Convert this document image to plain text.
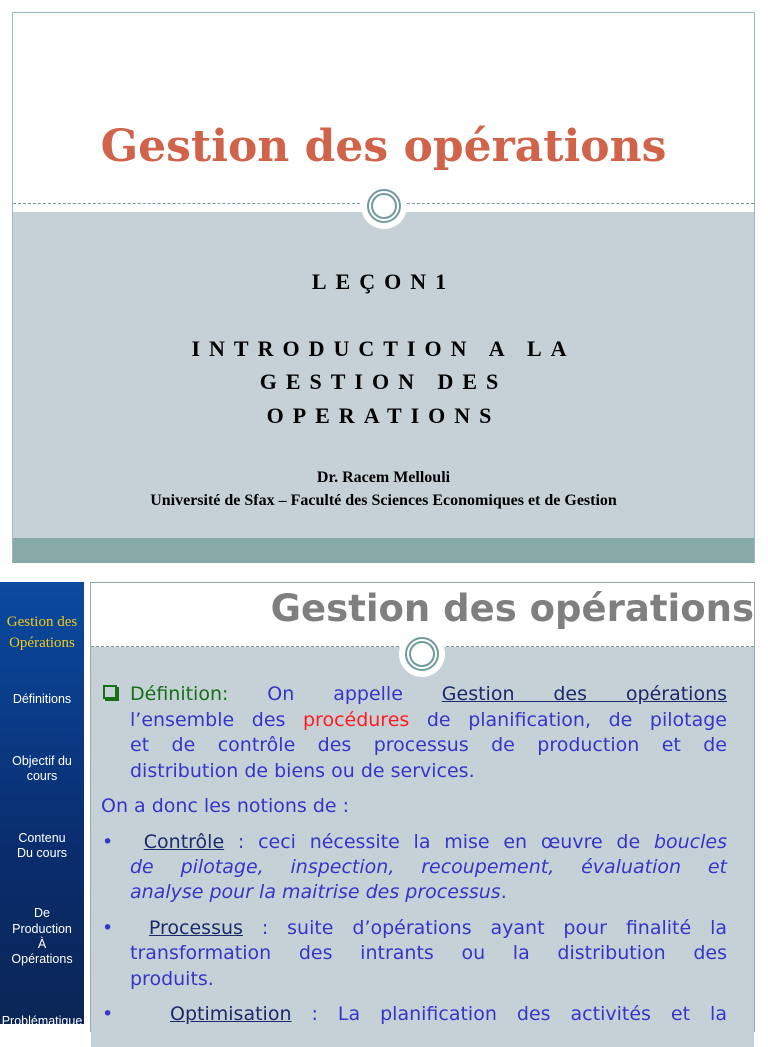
Gestion des opérations
LEÇON1
INTRODUCTION A LA
GESTION DES
OPERATIONS
Dr. Racem Mellouli
Université de Sfax – Faculté des Sciences Economiques et de Gestion
Gestion des
Opérations
Définitions
Objectif du
cours
Contenu
Du cours
De
Production
À
Opérations
Problématique
Gestion des opérations
Définition: On appelle Gestion des opérations
l’ensemble des procédures de planification, de pilotage
et de contrôle des processus de production et de
distribution de biens ou de services.
On a donc les notions de :
•	Contrôle : ceci nécessite la mise en œuvre de boucles
de pilotage, inspection, recoupement, évaluation et
analyse pour la maitrise des processus.
•	Processus : suite d’opérations ayant pour finalité la
transformation des intrants ou la distribution des
produits.
•	Optimisation : La planification des activités et la
